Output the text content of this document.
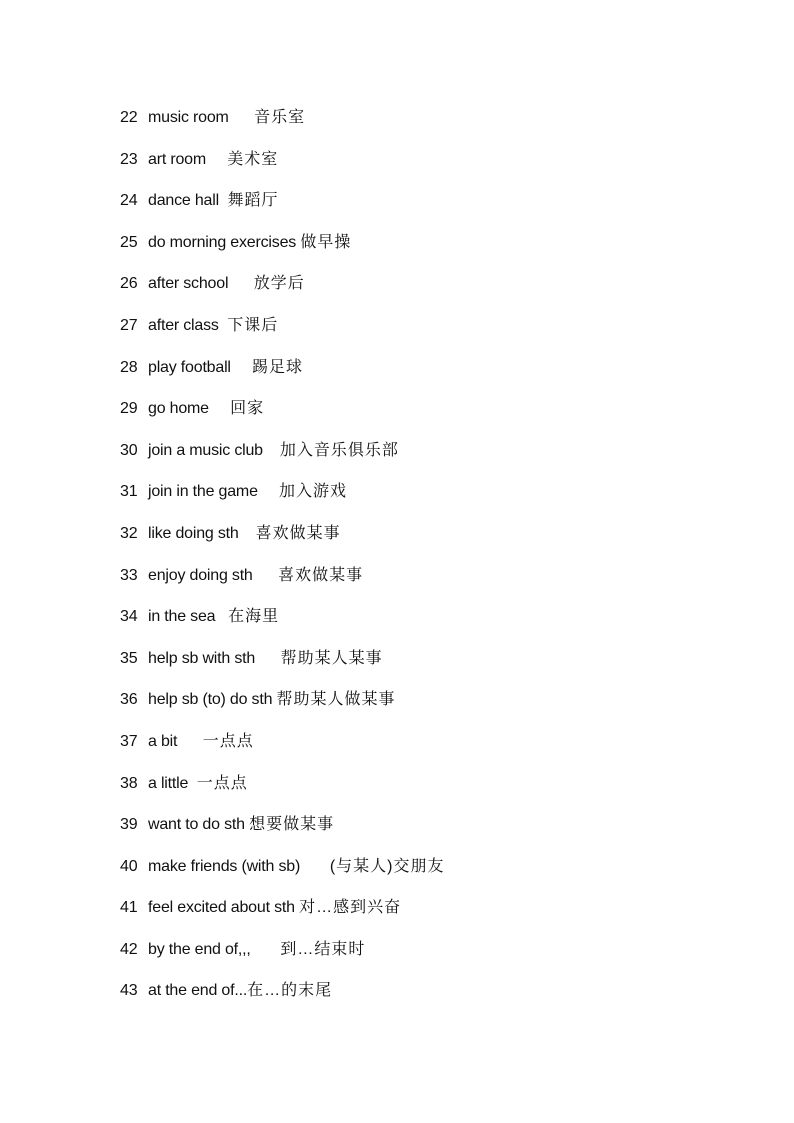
22 music room      音乐室
23 art room     美术室
24 dance hall  舞蹈厅
25 do morning exercises 做早操
26 after school      放学后
27 after class  下课后
28 play football     踢足球
29 go home     回家
30 join a music club    加入音乐俱乐部
31 join in the game     加入游戏
32 like doing sth    喜欢做某事
33 enjoy doing sth      喜欢做某事
34 in the sea   在海里
35 help sb with sth      帮助某人某事
36 help sb (to) do sth 帮助某人做某事
37 a bit      一点点
38 a little  一点点
39 want to do sth 想要做某事
40 make friends (with sb)       (与某人)交朋友
41 feel excited about sth 对…感到兴奋
42 by the end of,,,       到…结束时
43 at the end of...在…的末尾
